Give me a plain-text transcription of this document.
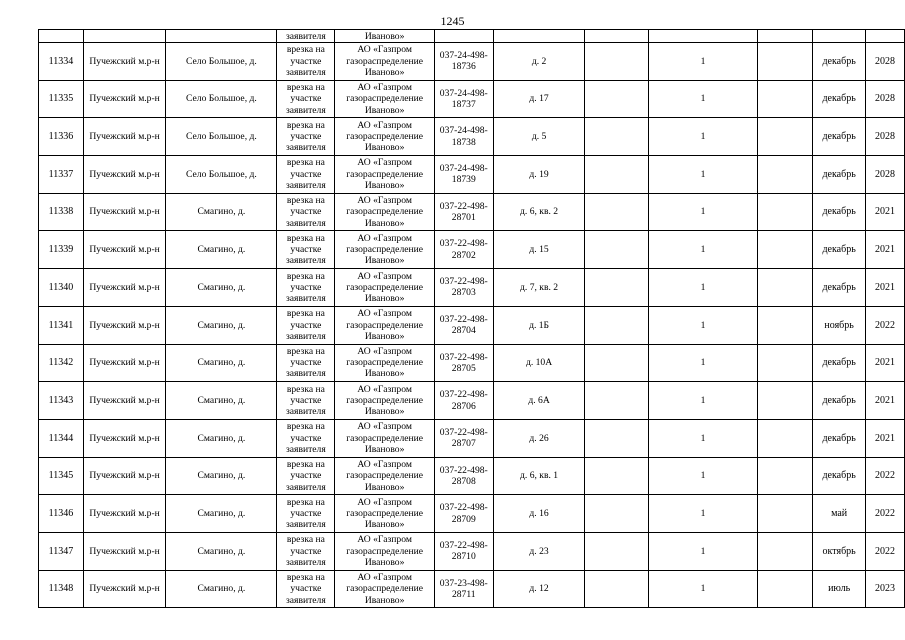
1245
			заявителя	Иваново»							
11334	Пучежский м.р-н	Село Большое, д.	врезка на участке заявителя	АО «Газпром газораспределение Иваново»	037-24-498-18736	д. 2		1		декабрь	2028
11335	Пучежский м.р-н	Село Большое, д.	врезка на участке заявителя	АО «Газпром газораспределение Иваново»	037-24-498-18737	д. 17		1		декабрь	2028
11336	Пучежский м.р-н	Село Большое, д.	врезка на участке заявителя	АО «Газпром газораспределение Иваново»	037-24-498-18738	д. 5		1		декабрь	2028
11337	Пучежский м.р-н	Село Большое, д.	врезка на участке заявителя	АО «Газпром газораспределение Иваново»	037-24-498-18739	д. 19		1		декабрь	2028
11338	Пучежский м.р-н	Смагино, д.	врезка на участке заявителя	АО «Газпром газораспределение Иваново»	037-22-498-28701	д. 6, кв. 2		1		декабрь	2021
11339	Пучежский м.р-н	Смагино, д.	врезка на участке заявителя	АО «Газпром газораспределение Иваново»	037-22-498-28702	д. 15		1		декабрь	2021
11340	Пучежский м.р-н	Смагино, д.	врезка на участке заявителя	АО «Газпром газораспределение Иваново»	037-22-498-28703	д. 7, кв. 2		1		декабрь	2021
11341	Пучежский м.р-н	Смагино, д.	врезка на участке заявителя	АО «Газпром газораспределение Иваново»	037-22-498-28704	д. 1Б		1		ноябрь	2022
11342	Пучежский м.р-н	Смагино, д.	врезка на участке заявителя	АО «Газпром газораспределение Иваново»	037-22-498-28705	д. 10А		1		декабрь	2021
11343	Пучежский м.р-н	Смагино, д.	врезка на участке заявителя	АО «Газпром газораспределение Иваново»	037-22-498-28706	д. 6А		1		декабрь	2021
11344	Пучежский м.р-н	Смагино, д.	врезка на участке заявителя	АО «Газпром газораспределение Иваново»	037-22-498-28707	д. 26		1		декабрь	2021
11345	Пучежский м.р-н	Смагино, д.	врезка на участке заявителя	АО «Газпром газораспределение Иваново»	037-22-498-28708	д. 6, кв. 1		1		декабрь	2022
11346	Пучежский м.р-н	Смагино, д.	врезка на участке заявителя	АО «Газпром газораспределение Иваново»	037-22-498-28709	д. 16		1		май	2022
11347	Пучежский м.р-н	Смагино, д.	врезка на участке заявителя	АО «Газпром газораспределение Иваново»	037-22-498-28710	д. 23		1		октябрь	2022
11348	Пучежский м.р-н	Смагино, д.	врезка на участке заявителя	АО «Газпром газораспределение Иваново»	037-23-498-28711	д. 12		1		июль	2023
